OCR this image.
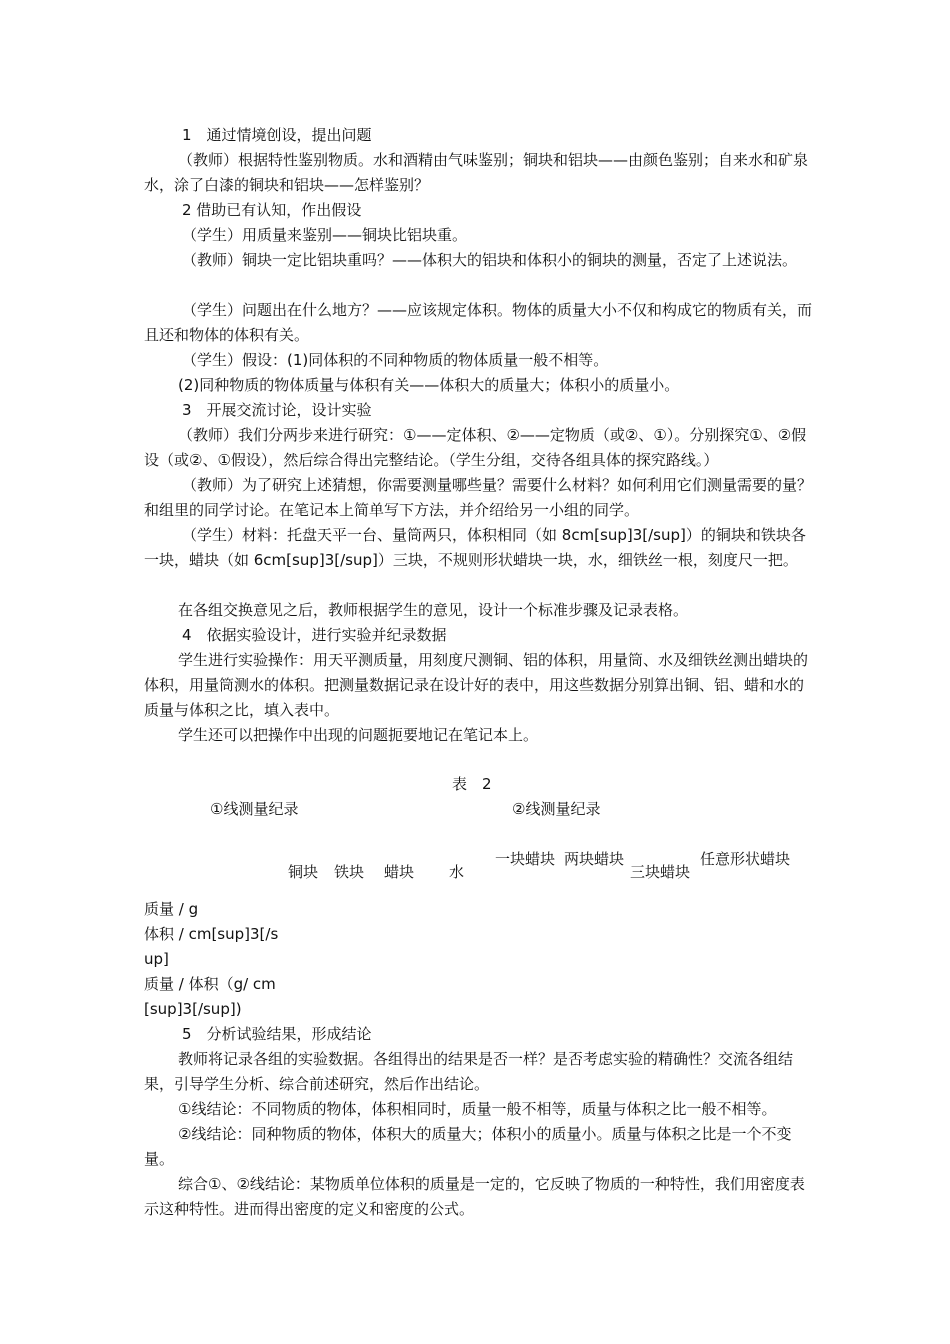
1　通过情境创设，提出问题

（教师）根据特性鉴别物质。水和酒精由气味鉴别；铜块和铝块——由颜色鉴别；自来水和矿泉水，涂了白漆的铜块和铝块——怎样鉴别？

2 借助已有认知，作出假设

（学生）用质量来鉴别——铜块比铝块重。

（教师）铜块一定比铝块重吗？——体积大的铝块和体积小的铜块的测量，否定了上述说法。

（学生）问题出在什么地方？——应该规定体积。物体的质量大小不仅和构成它的物质有关，而且还和物体的体积有关。

（学生）假设：(1)同体积的不同种物质的物体质量一般不相等。

(2)同种物质的物体质量与体积有关——体积大的质量大；体积小的质量小。

3　开展交流讨论，设计实验

（教师）我们分两步来进行研究：①——定体积、②——定物质（或②、①）。分别探究①、②假设（或②、①假设），然后综合得出完整结论。（学生分组，交待各组具体的探究路线。）

（教师）为了研究上述猜想，你需要测量哪些量？需要什么材料？如何利用它们测量需要的量？和组里的同学讨论。在笔记本上简单写下方法，并介绍给另一小组的同学。

（学生）材料：托盘天平一台、量筒两只，体积相同（如 8cm[sup]3[/sup]）的铜块和铁块各一块，蜡块（如 6cm[sup]3[/sup]）三块，不规则形状蜡块一块，水，细铁丝一根，刻度尺一把。

在各组交换意见之后，教师根据学生的意见，设计一个标准步骤及记录表格。

4　依据实验设计，进行实验并纪录数据

学生进行实验操作：用天平测质量，用刻度尺测铜、铝的体积，用量筒、水及细铁丝测出蜡块的体积，用量筒测水的体积。把测量数据记录在设计好的表中，用这些数据分别算出铜、铝、蜡和水的质量与体积之比，填入表中。

学生还可以把操作中出现的问题扼要地记在笔记本上。

表　2

①线测量纪录	②线测量纪录

铜块 铁块 蜡块 水

一块蜡块 两块蜡块

三块蜡块

任意形状蜡块

质量 / g

体积 / cm[sup]3[/sup]

质量 / 体积（g/ cm[sup]3[/sup])

5　分析试验结果，形成结论

教师将记录各组的实验数据。各组得出的结果是否一样？是否考虑实验的精确性？交流各组结果，引导学生分析、综合前述研究，然后作出结论。

①线结论：不同物质的物体，体积相同时，质量一般不相等，质量与体积之比一般不相等。

②线结论：同种物质的物体，体积大的质量大；体积小的质量小。质量与体积之比是一个不变量。

综合①、②线结论：某物质单位体积的质量是一定的，它反映了物质的一种特性，我们用密度表示这种特性。进而得出密度的定义和密度的公式。
